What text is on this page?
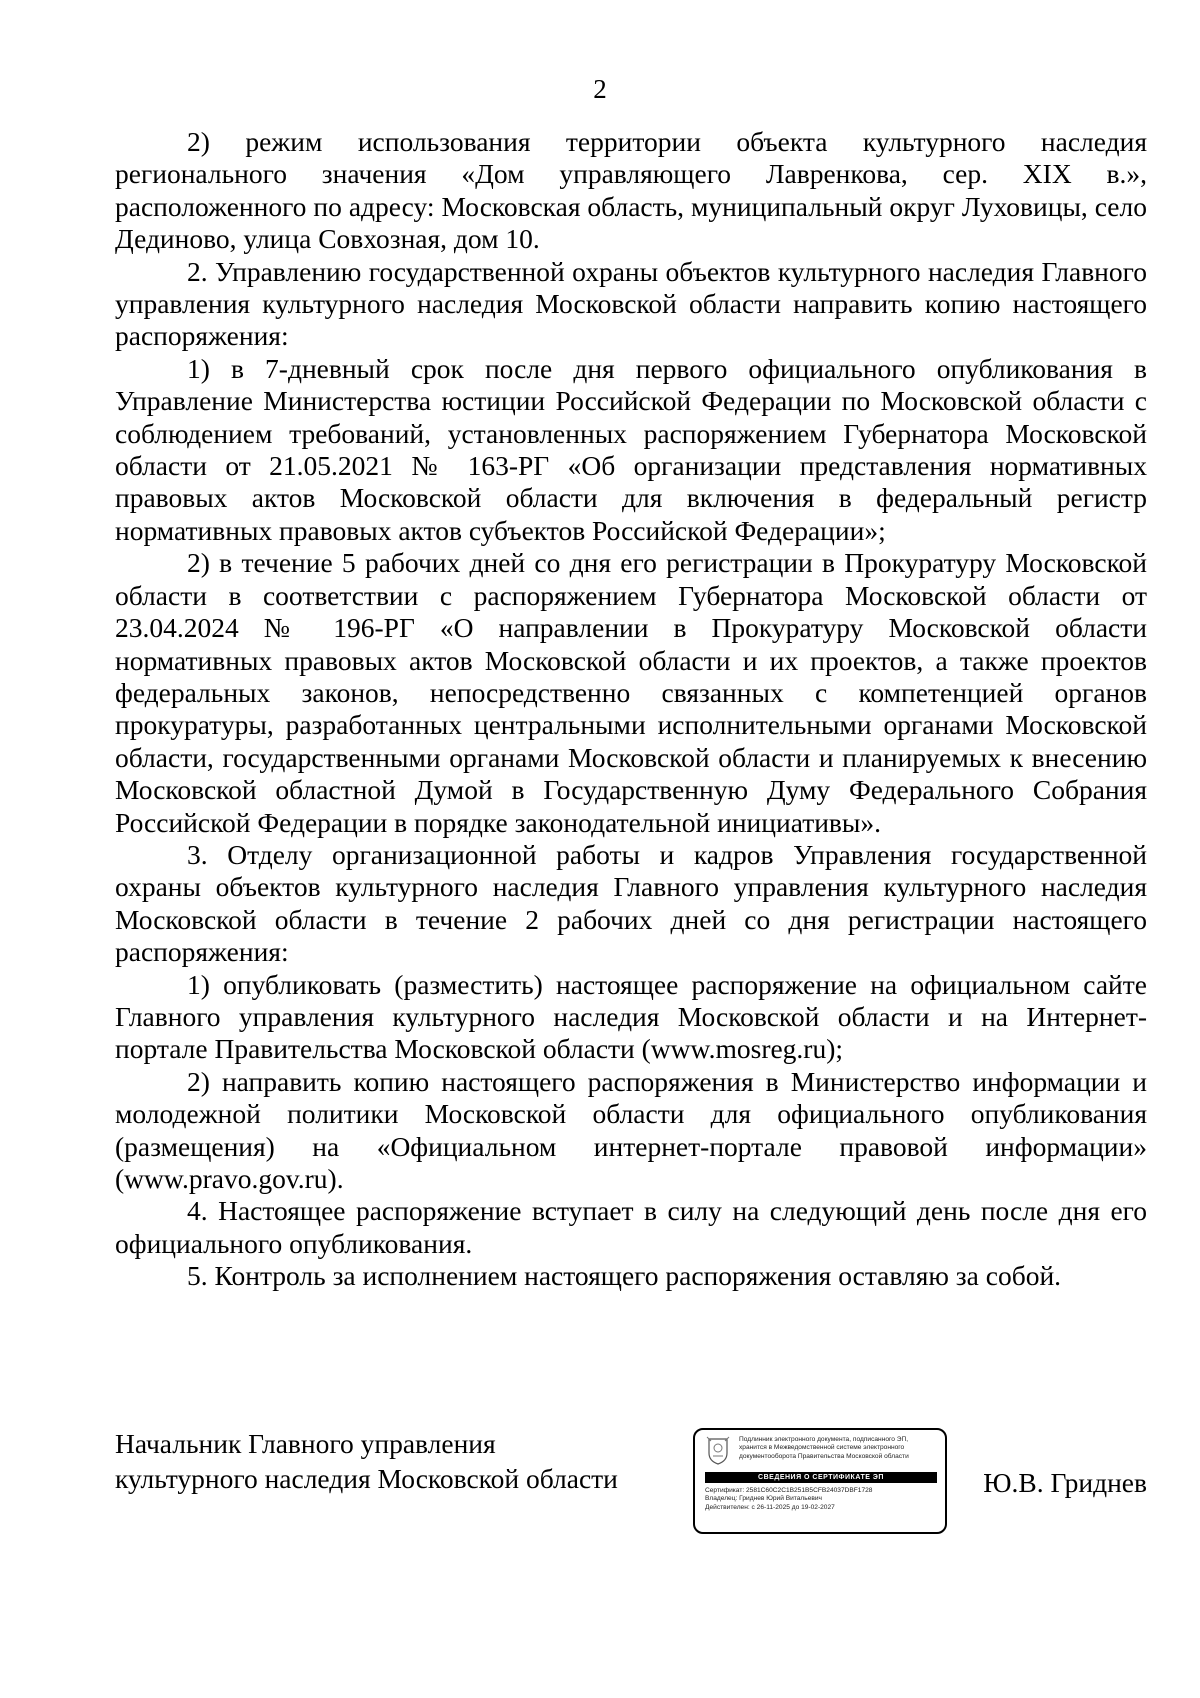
2

2) режим использования территории объекта культурного наследия регионального значения «Дом управляющего Лавренкова, сер. XIX в.», расположенного по адресу: Московская область, муниципальный округ Луховицы, село Дединово, улица Совхозная, дом 10.

2. Управлению государственной охраны объектов культурного наследия Главного управления культурного наследия Московской области направить копию настоящего распоряжения:

1) в 7-дневный срок после дня первого официального опубликования в Управление Министерства юстиции Российской Федерации по Московской области с соблюдением требований, установленных распоряжением Губернатора Московской области от 21.05.2021 № 163-РГ «Об организации представления нормативных правовых актов Московской области для включения в федеральный регистр нормативных правовых актов субъектов Российской Федерации»;

2) в течение 5 рабочих дней со дня его регистрации в Прокуратуру Московской области в соответствии с распоряжением Губернатора Московской области от 23.04.2024 № 196-РГ «О направлении в Прокуратуру Московской области нормативных правовых актов Московской области и их проектов, а также проектов федеральных законов, непосредственно связанных с компетенцией органов прокуратуры, разработанных центральными исполнительными органами Московской области, государственными органами Московской области и планируемых к внесению Московской областной Думой в Государственную Думу Федерального Собрания Российской Федерации в порядке законодательной инициативы».

3. Отделу организационной работы и кадров Управления государственной охраны объектов культурного наследия Главного управления культурного наследия Московской области в течение 2 рабочих дней со дня регистрации настоящего распоряжения:

1) опубликовать (разместить) настоящее распоряжение на официальном сайте Главного управления культурного наследия Московской области и на Интернет-портале Правительства Московской области (www.mosreg.ru);

2) направить копию настоящего распоряжения в Министерство информации и молодежной политики Московской области для официального опубликования (размещения) на «Официальном интернет-портале правовой информации» (www.pravo.gov.ru).

4. Настоящее распоряжение вступает в силу на следующий день после дня его официального опубликования.

5. Контроль за исполнением настоящего распоряжения оставляю за собой.

Начальник Главного управления
культурного наследия Московской области
Подлинник электронного документа, подписанного ЭП, хранится в Межведомственной системе электронного документооборота Правительства Московской области
СВЕДЕНИЯ О СЕРТИФИКАТЕ ЭП
Сертификат: 2581C60C2C1B251B5CFB24037DBF1728
Владелец: Гриднев Юрий Витальевич
Действителен: с 26-11-2025 до 19-02-2027
Ю.В. Гриднев
